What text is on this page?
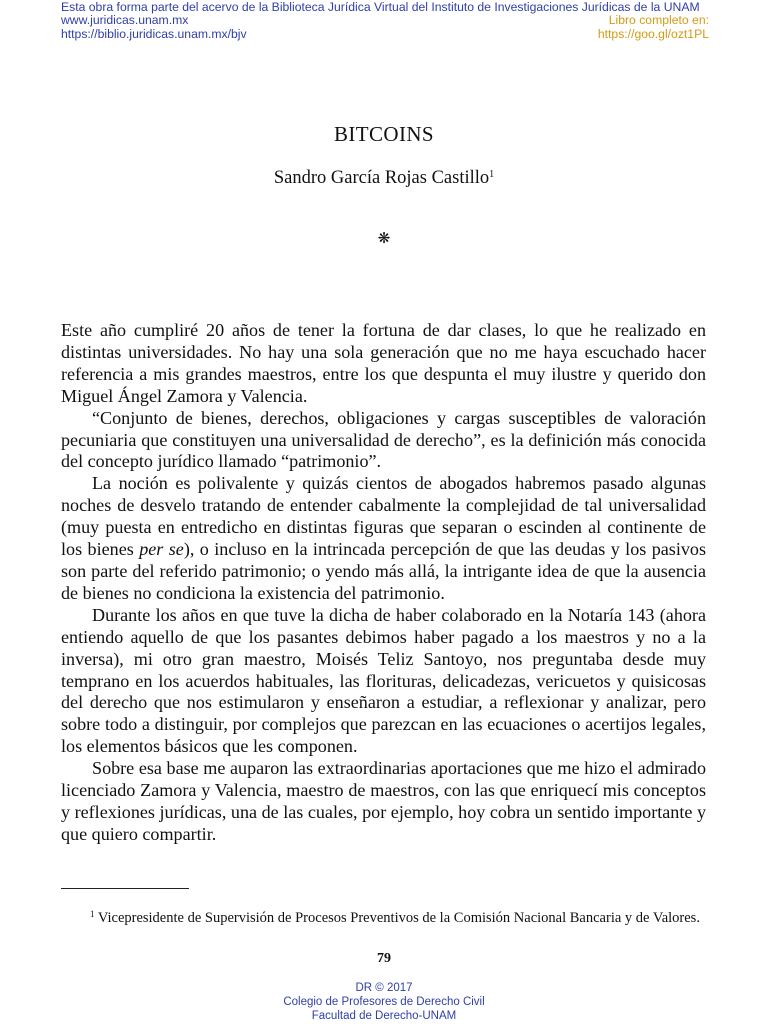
Esta obra forma parte del acervo de la Biblioteca Jurídica Virtual del Instituto de Investigaciones Jurídicas de la UNAM
www.juridicas.unam.mx	Libro completo en:
https://biblio.juridicas.unam.mx/bjv	https://goo.gl/ozt1PL
BITCOINS
Sandro García Rojas Castillo$^1$
❋

Este año cumpliré 20 años de tener la fortuna de dar clases, lo que he realizado en distintas universidades. No hay una sola generación que no me haya escuchado hacer referencia a mis grandes maestros, entre los que despunta el muy ilustre y querido don Miguel Ángel Zamora y Valencia.

“Conjunto de bienes, derechos, obligaciones y cargas susceptibles de valoración pecuniaria que constituyen una universalidad de derecho”, es la definición más conocida del concepto jurídico llamado “patrimonio”.

La noción es polivalente y quizás cientos de abogados habremos pasado algunas noches de desvelo tratando de entender cabalmente la complejidad de tal universalidad (muy puesta en entredicho en distintas figuras que separan o escinden al continente de los bienes per se), o incluso en la intrincada percepción de que las deudas y los pasivos son parte del referido patrimonio; o yendo más allá, la intrigante idea de que la ausencia de bienes no condiciona la existencia del patrimonio.

Durante los años en que tuve la dicha de haber colaborado en la Notaría 143 (ahora entiendo aquello de que los pasantes debimos haber pagado a los maestros y no a la inversa), mi otro gran maestro, Moisés Teliz Santoyo, nos preguntaba desde muy temprano en los acuerdos habituales, las florituras, delicadezas, vericuetos y quisicosas del derecho que nos estimularon y enseñaron a estudiar, a reflexionar y analizar, pero sobre todo a distinguir, por complejos que parezcan en las ecuaciones o acertijos legales, los elementos básicos que les componen.

Sobre esa base me auparon las extraordinarias aportaciones que me hizo el admirado licenciado Zamora y Valencia, maestro de maestros, con las que enriquecí mis conceptos y reflexiones jurídicas, una de las cuales, por ejemplo, hoy cobra un sentido importante y que quiero compartir.

$^1$ Vicepresidente de Supervisión de Procesos Preventivos de la Comisión Nacional Bancaria y de Valores.

79
DR © 2017
Colegio de Profesores de Derecho Civil
Facultad de Derecho-UNAM
